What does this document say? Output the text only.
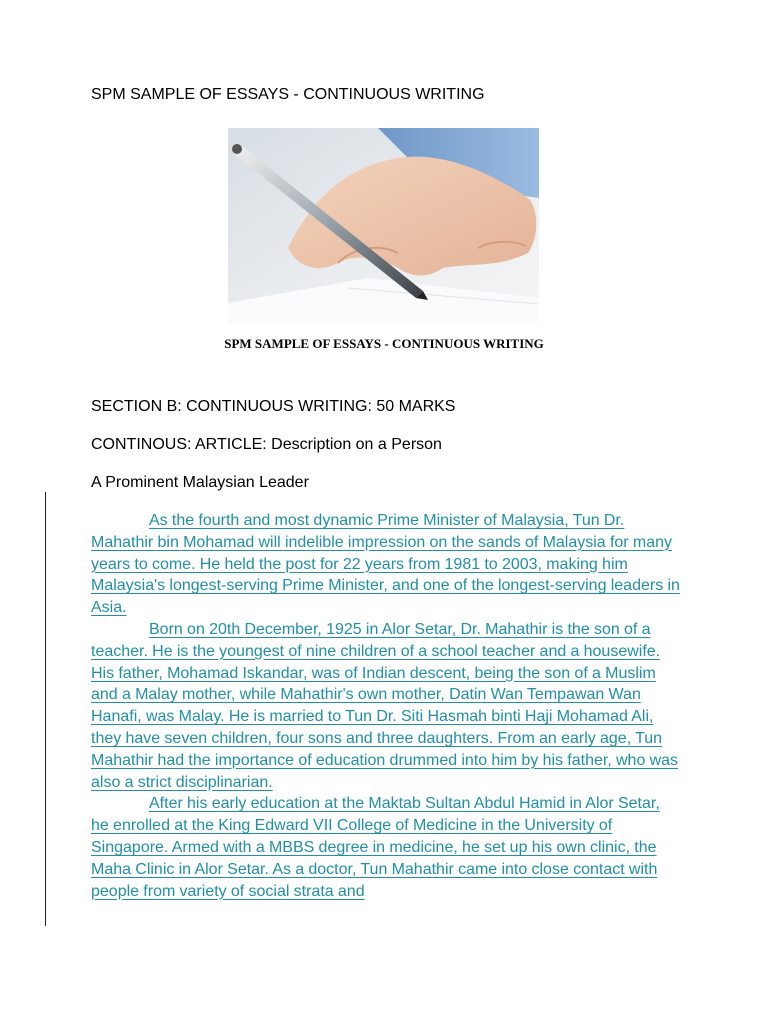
SPM SAMPLE OF ESSAYS - CONTINUOUS WRITING
SPM SAMPLE OF ESSAYS - CONTINUOUS WRITING
SECTION B: CONTINUOUS WRITING: 50 MARKS
CONTINOUS: ARTICLE: Description on a Person
A Prominent Malaysian Leader

As the fourth and most dynamic Prime Minister of Malaysia, Tun Dr. Mahathir bin Mohamad will indelible impression on the sands of Malaysia for many years to come. He held the post for 22 years from 1981 to 2003, making him Malaysia's longest-serving Prime Minister, and one of the longest-serving leaders in Asia.

Born on 20th December, 1925 in Alor Setar, Dr. Mahathir is the son of a teacher. He is the youngest of nine children of a school teacher and a housewife. His father, Mohamad Iskandar, was of Indian descent, being the son of a Muslim and a Malay mother, while Mahathir's own mother, Datin Wan Tempawan Wan Hanafi, was Malay. He is married to Tun Dr. Siti Hasmah binti Haji Mohamad Ali, they have seven children, four sons and three daughters. From an early age, Tun Mahathir had the importance of education drummed into him by his father, who was also a strict disciplinarian.

After his early education at the Maktab Sultan Abdul Hamid in Alor Setar, he enrolled at the King Edward VII College of Medicine in the University of Singapore. Armed with a MBBS degree in medicine, he set up his own clinic, the Maha Clinic in Alor Setar. As a doctor, Tun Mahathir came into close contact with people from variety of social strata and
